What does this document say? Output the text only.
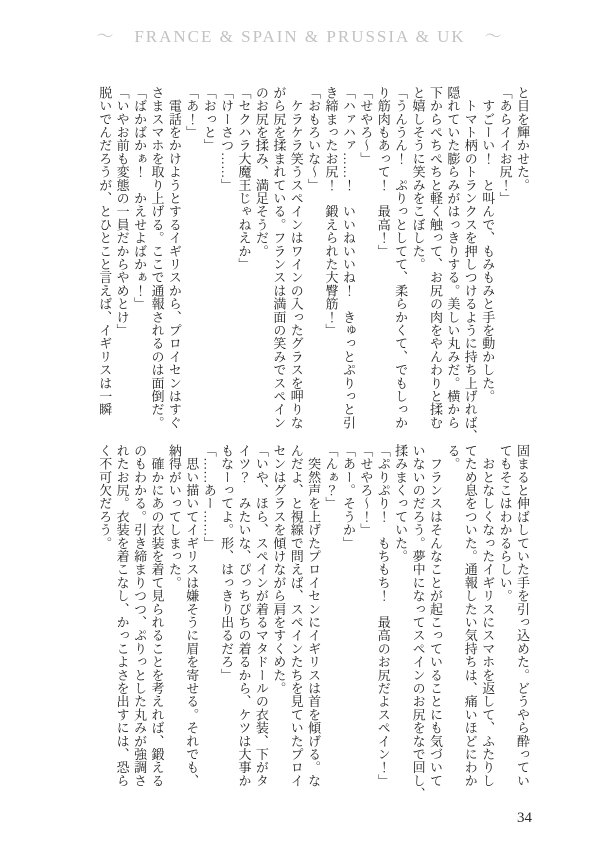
〜　FRANCE & SPAIN & PRUSSIA & UK　〜

と目を輝かせた。

「あらイイお尻！」

　すごーい！　と叫んで、もみもみと手を動かした。

　トマト柄のトランクスを押しつけるように持ち上げれば、

隠れていた膨らみがはっきりする。美しい丸みだ。横から

下からぺちぺちと軽く触って、お尻の肉をやんわりと揉む

と嬉しそうに笑みをこぼした。

「うんうん！　ぷりっとしてて、柔らかくて、でもしっか

り筋肉もあって！　最高！」

「せやろ〜」

「ハァハァ……！　いいねいいね！　きゅっとぷりっと引

き締まったお尻！　鍛えられた大臀筋！」

「おもろいな〜」

　ケラケラ笑うスペインはワインの入ったグラスを呷りな

がら尻を揉まれている。フランスは満面の笑みでスペイン

のお尻を揉み、満足そうだ。

「セクハラ大魔王じゃねえか」

「けーさつ……」

「おっと」

「あ！」

　電話をかけようとするイギリスから、プロイセンはすぐ

さまスマホを取り上げる。ここで通報されるのは面倒だ。

「ばかばかぁ！　かえせよばかぁ！」

「いやお前も変態の一員だからやめとけ」

脱いでんだろうが、とひとこと言えば、イギリスは一瞬

固まると伸ばしていた手を引っ込めた。どうやら酔ってい

てもそこはわかるらしい。

　おとなしくなったイギリスにスマホを返して、ふたりし

てため息をついた。通報したい気持ちは、痛いほどにわか

る。

　フランスはそんなことが起こっていることにも気づいて

いないのだろう。夢中になってスペインのお尻をなで回し、

揉みまくっていた。

「ぷりぷり！　もちもち！　最高のお尻だよスペイン！」

「せやろ〜！」

「あー。そうか」

「んぁ？」

　突然声を上げたプロイセンにイギリスは首を傾げる。な

んだよ、と視線で問えば、スペインたちを見ていたプロイ

センはグラスを傾けながら肩をすくめた。

「いや、ほら、スペインが着るマタドールの衣装、下がタ

イツ？　みたいな、ぴっちぴちの着るから、ケツは大事か

もなーってよ。形、はっきり出るだろ」

「……あー……」

　思い描いてイギリスは嫌そうに眉を寄せる。それでも、

納得がいってしまった。

　確かにあの衣装を着て見られることを考えれば、鍛える

のもわかる。引き締まりつつ、ぷりっとした丸みが強調さ

れたお尻。衣装を着こなし、かっこよさを出すには、恐ら

く不可欠だろう。

34
